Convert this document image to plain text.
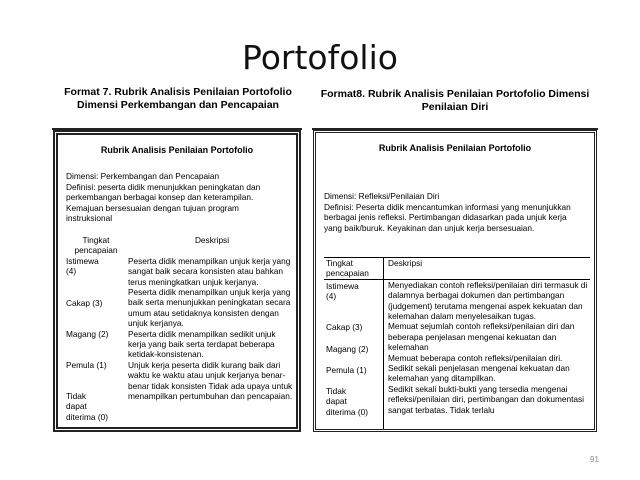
Portofolio
Format 7. Rubrik Analisis Penilaian Portofolio Dimensi Perkembangan dan Pencapaian
Rubrik Analisis Penilaian Portofolio
Dimensi: Perkembangan dan Pencapaian
Definisi: peserta didik menunjukkan peningkatan dan perkembangan berbagai konsep dan keterampilan. Kemajuan bersesuaian dengan tujuan program instruksional
Tingkat pencapaian
Deskripsi
Istimewa
(4)
Cakap (3)
Magang (2)
Pemula (1)
Tidak
dapat
diterima (0)
Peserta didik menampilkan unjuk kerja yang sangat baik secara konsisten atau bahkan terus meningkatkan unjuk kerjanya.
Peserta didik menampilkan unjuk kerja yang baik serta menunjukkan peningkatan secara umum atau setidaknya konsisten dengan unjuk kerjanya.
Peserta didik menampilkan sedikit unjuk kerja yang baik serta terdapat beberapa ketidak-konsistenan.
Unjuk kerja peserta didik kurang baik dari waktu ke waktu atau unjuk kerjanya benar-benar tidak konsisten Tidak ada upaya untuk menampilkan pertumbuhan dan pencapaian.
Format8. Rubrik Analisis Penilaian Portofolio Dimensi Penilaian Diri
Rubrik Analisis Penilaian Portofolio
Dimensi: Refleksi/Penilaian Diri
Definisi: Peserta didik mencantumkan informasi yang menunjukkan berbagai jenis refleksi. Pertimbangan didasarkan pada unjuk kerja yang baik/buruk. Keyakinan dan unjuk kerja bersesuaian.
Tingkat pencapaian
Deskripsi
Istimewa
(4)
Cakap (3)
Magang (2)
Pemula (1)
Tidak
dapat
diterima (0)
Menyediakan contoh refleksi/penilaian diri termasuk di dalamnya berbagai dokumen dan pertimbangan (judgement) terutama mengenai aspek kekuatan dan kelemahan dalam menyelesaikan tugas.
Memuat sejumlah contoh refleksi/penilaian diri dan beberapa penjelasan mengenai kekuatan dan kelemahan
Memuat beberapa contoh refleksi/penilaian diri. Sedikit sekali penjelasan mengenai kekuatan dan kelemahan yang ditampilkan.
Sedikit sekali bukti-bukti yang tersedia mengenai refleksi/penilaian diri, pertimbangan dan dokumentasi sangat terbatas. Tidak terlalu
91
